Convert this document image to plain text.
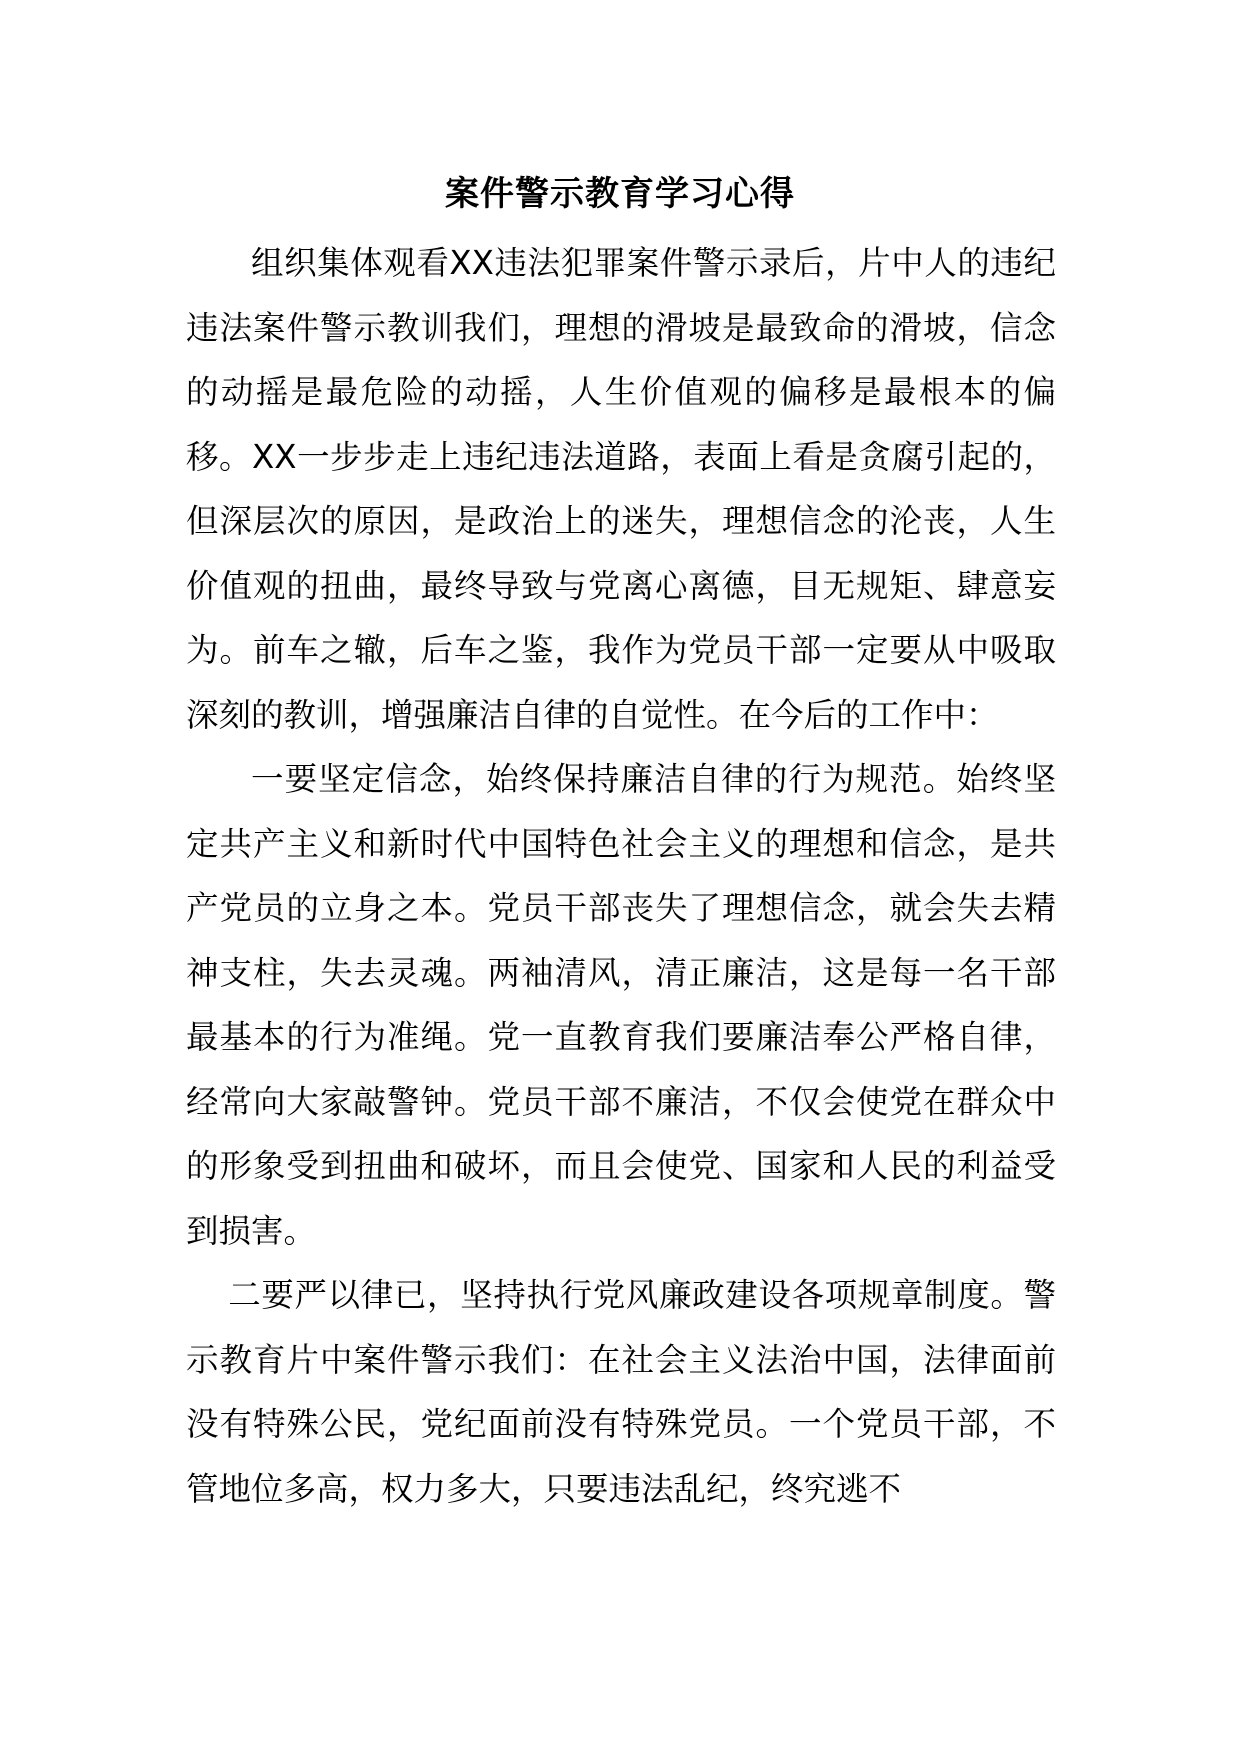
案件警示教育学习心得

组织集体观看XX违法犯罪案件警示录后，片中人的违纪违法案件警示教训我们，理想的滑坡是最致命的滑坡，信念的动摇是最危险的动摇，人生价值观的偏移是最根本的偏移。XX一步步走上违纪违法道路，表面上看是贪腐引起的，但深层次的原因，是政治上的迷失，理想信念的沦丧，人生价值观的扭曲，最终导致与党离心离德，目无规矩、肆意妄为。前车之辙，后车之鉴，我作为党员干部一定要从中吸取深刻的教训，增强廉洁自律的自觉性。在今后的工作中：

一要坚定信念，始终保持廉洁自律的行为规范。始终坚定共产主义和新时代中国特色社会主义的理想和信念，是共产党员的立身之本。党员干部丧失了理想信念，就会失去精神支柱，失去灵魂。两袖清风，清正廉洁，这是每一名干部最基本的行为准绳。党一直教育我们要廉洁奉公严格自律，经常向大家敲警钟。党员干部不廉洁，不仅会使党在群众中的形象受到扭曲和破坏，而且会使党、国家和人民的利益受到损害。

二要严以律已，坚持执行党风廉政建设各项规章制度。警示教育片中案件警示我们：在社会主义法治中国，法律面前没有特殊公民，党纪面前没有特殊党员。一个党员干部，不管地位多高，权力多大，只要违法乱纪，终究逃不
